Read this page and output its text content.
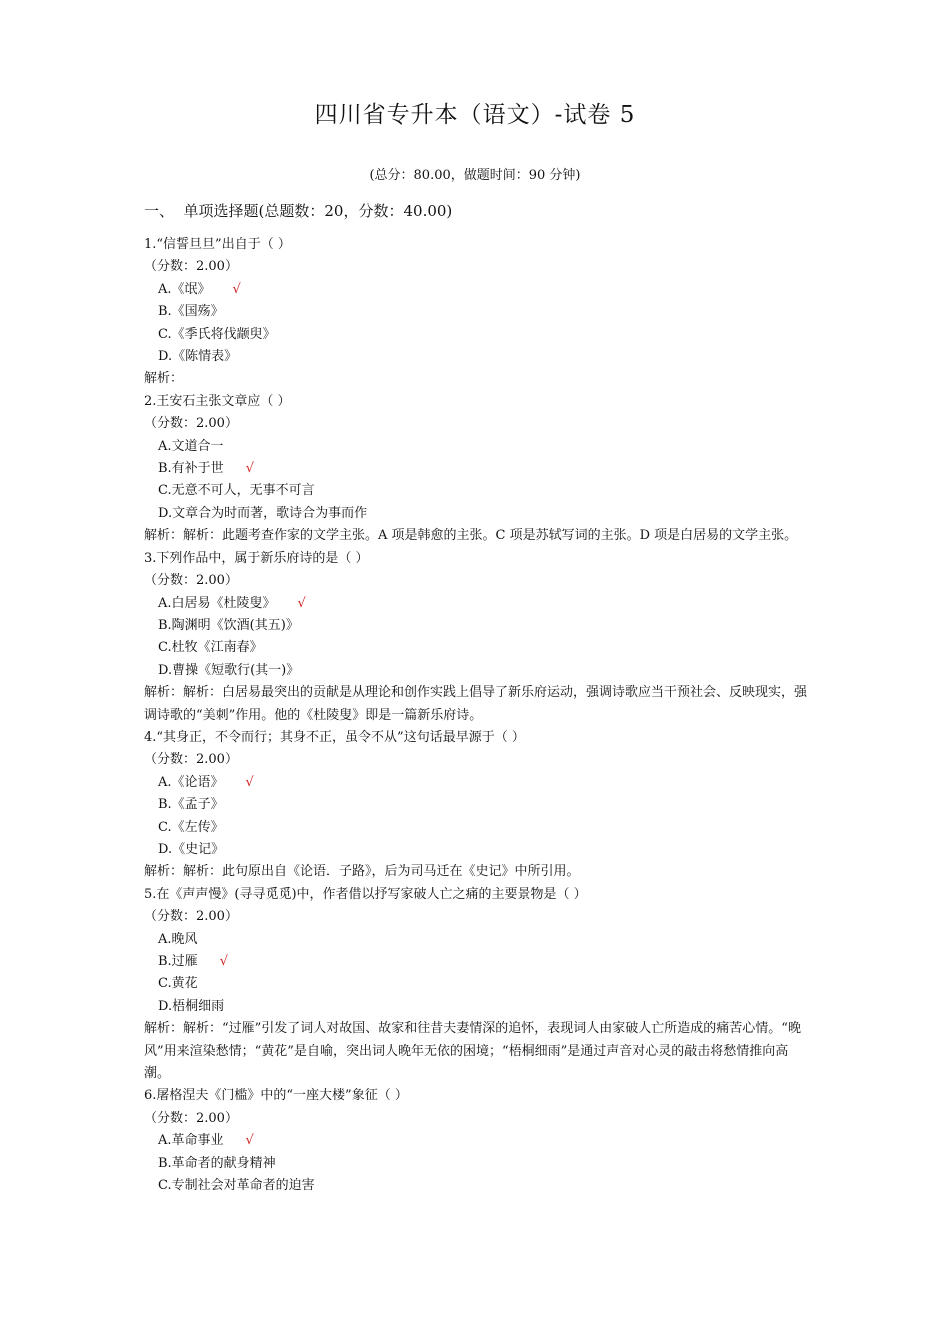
四川省专升本（语文）-试卷 5
(总分：80.00，做题时间：90 分钟)
一、  单项选择题(总题数：20，分数：40.00)
1.“信誓旦旦”出自于（ ）
（分数：2.00）
A.《氓》 √
B.《国殇》
C.《季氏将伐颛臾》
D.《陈情表》
解析：
2.王安石主张文章应（ ）
（分数：2.00）
A.文道合一
B.有补于世 √
C.无意不可人，无事不可言
D.文章合为时而著，歌诗合为事而作
解析：解析：此题考查作家的文学主张。A 项是韩愈的主张。C 项是苏轼写词的主张。D 项是白居易的文学主张。
3.下列作品中，属于新乐府诗的是（ ）
（分数：2.00）
A.白居易《杜陵叟》 √
B.陶渊明《饮酒(其五)》
C.杜牧《江南春》
D.曹操《短歌行(其一)》
解析：解析：白居易最突出的贡献是从理论和创作实践上倡导了新乐府运动，强调诗歌应当干预社会、反映现实，强调诗歌的“美刺”作用。他的《杜陵叟》即是一篇新乐府诗。
4.“其身正，不令而行；其身不正，虽令不从”这句话最早源于（ ）
（分数：2.00）
A.《论语》 √
B.《孟子》
C.《左传》
D.《史记》
解析：解析：此句原出自《论语．子路》，后为司马迁在《史记》中所引用。
5.在《声声慢》(寻寻觅觅)中，作者借以抒写家破人亡之痛的主要景物是（ ）
（分数：2.00）
A.晚风
B.过雁 √
C.黄花
D.梧桐细雨
解析：解析：“过雁”引发了词人对故国、故家和往昔夫妻情深的追怀，表现词人由家破人亡所造成的痛苦心情。“晚风”用来渲染愁情；“黄花”是自喻，突出词人晚年无依的困境；“梧桐细雨”是通过声音对心灵的敲击将愁情推向高潮。
6.屠格涅夫《门槛》中的“一座大楼”象征（ ）
（分数：2.00）
A.革命事业 √
B.革命者的献身精神
C.专制社会对革命者的迫害
